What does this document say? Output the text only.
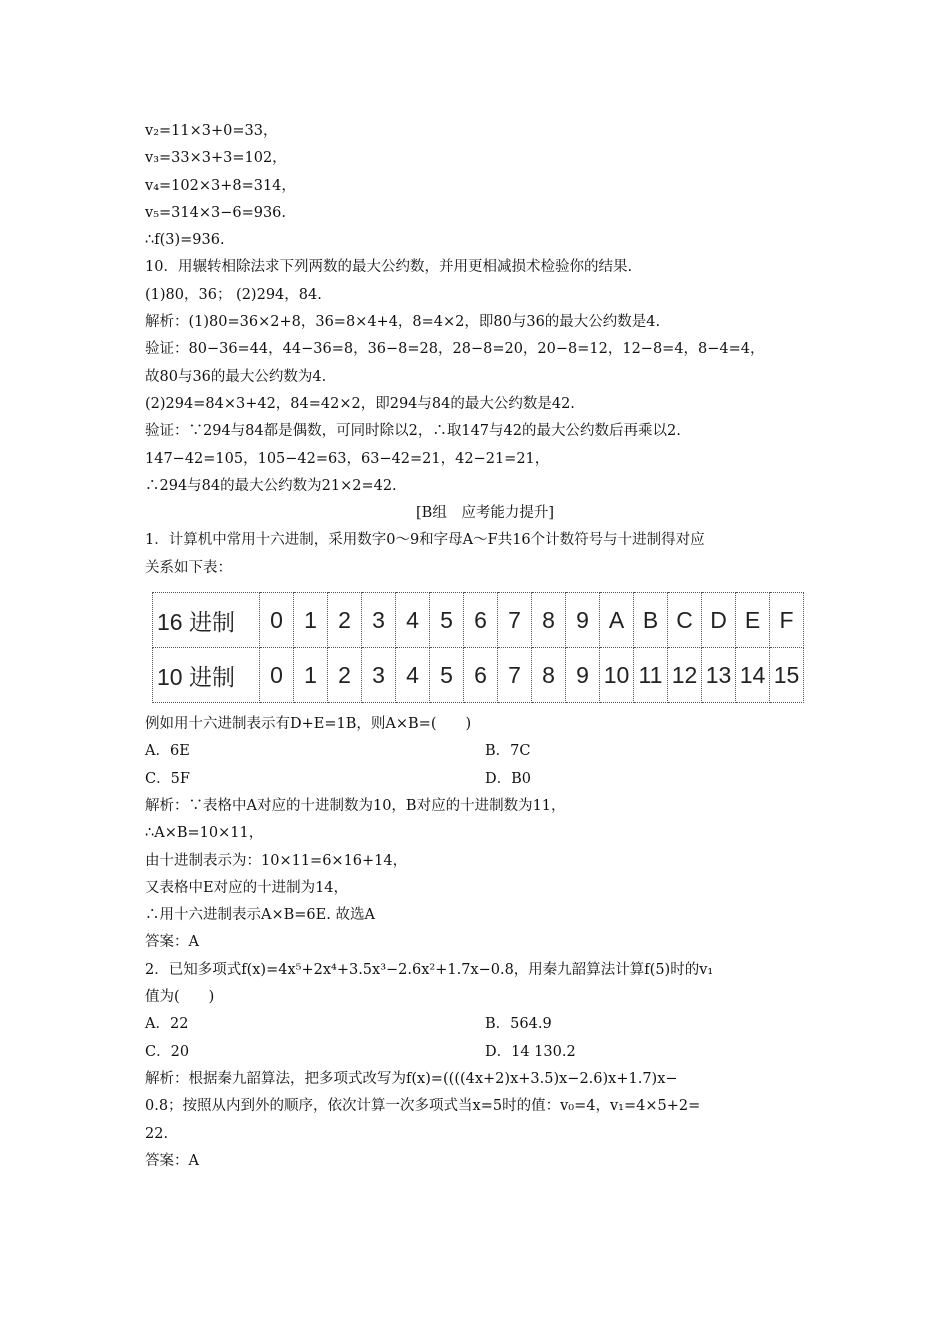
v₂=11×3+0=33，
v₃=33×3+3=102，
v₄=102×3+8=314，
v₅=314×3−6=936.
∴f(3)=936.
10．用辗转相除法求下列两数的最大公约数，并用更相减损术检验你的结果.
(1)80，36； (2)294，84.
解析：(1)80=36×2+8，36=8×4+4，8=4×2，即80与36的最大公约数是4.
验证：80−36=44，44−36=8，36−8=28，28−8=20，20−8=12，12−8=4，8−4=4，
故80与36的最大公约数为4.
(2)294=84×3+42，84=42×2，即294与84的最大公约数是42.
验证：∵294与84都是偶数，可同时除以2，∴取147与42的最大公约数后再乘以2.
147−42=105，105−42=63，63−42=21，42−21=21，
∴294与84的最大公约数为21×2=42.
[B组　应考能力提升]
1．计算机中常用十六进制，采用数字0～9和字母A～F共16个计数符号与十进制得对应
关系如下表：
16 进制	0	1	2	3	4	5	6	7	8	9	A	B	C	D	E	F
10 进制	0	1	2	3	4	5	6	7	8	9	10	11	12	13	14	15
例如用十六进制表示有D+E=1B，则A×B=(　　)
A．6E	B．7C
C．5F	D．B0
解析：∵表格中A对应的十进制数为10，B对应的十进制数为11，
∴A×B=10×11，
由十进制表示为：10×11=6×16+14，
又表格中E对应的十进制为14，
∴用十六进制表示A×B=6E. 故选A
答案：A
2．已知多项式f(x)=4x⁵+2x⁴+3.5x³−2.6x²+1.7x−0.8，用秦九韶算法计算f(5)时的v₁
值为(　　)
A．22	B．564.9
C．20	D．14 130.2
解析：根据秦九韶算法，把多项式改写为f(x)=((((4x+2)x+3.5)x−2.6)x+1.7)x−
0.8；按照从内到外的顺序，依次计算一次多项式当x=5时的值：v₀=4，v₁=4×5+2=
22.
答案：A
